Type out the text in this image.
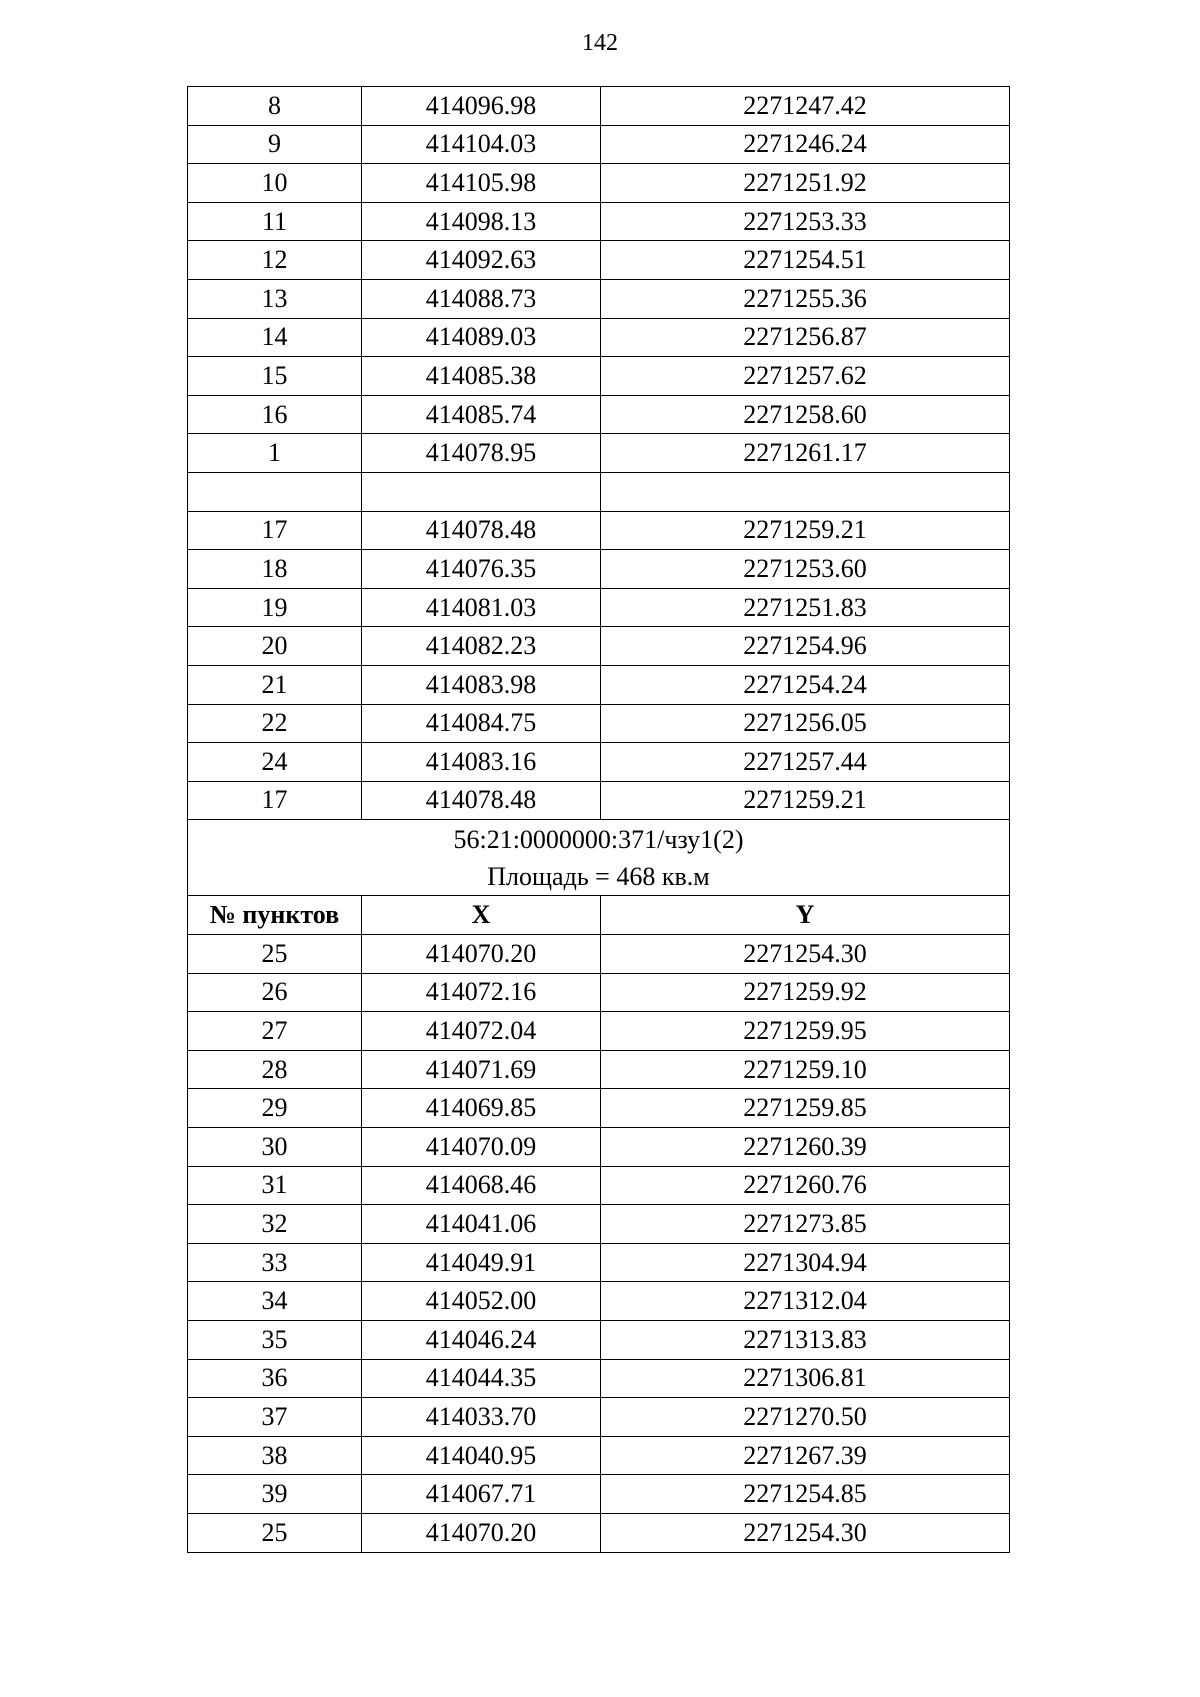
142
8	414096.98	2271247.42
9	414104.03	2271246.24
10	414105.98	2271251.92
11	414098.13	2271253.33
12	414092.63	2271254.51
13	414088.73	2271255.36
14	414089.03	2271256.87
15	414085.38	2271257.62
16	414085.74	2271258.60
1	414078.95	2271261.17

17	414078.48	2271259.21
18	414076.35	2271253.60
19	414081.03	2271251.83
20	414082.23	2271254.96
21	414083.98	2271254.24
22	414084.75	2271256.05
24	414083.16	2271257.44
17	414078.48	2271259.21

56:21:0000000:371/чзу1(2)
Площадь = 468 кв.м		

№ пунктов	X	Y
25	414070.20	2271254.30
26	414072.16	2271259.92
27	414072.04	2271259.95
28	414071.69	2271259.10
29	414069.85	2271259.85
30	414070.09	2271260.39
31	414068.46	2271260.76
32	414041.06	2271273.85
33	414049.91	2271304.94
34	414052.00	2271312.04
35	414046.24	2271313.83
36	414044.35	2271306.81
37	414033.70	2271270.50
38	414040.95	2271267.39
39	414067.71	2271254.85
25	414070.20	2271254.30
